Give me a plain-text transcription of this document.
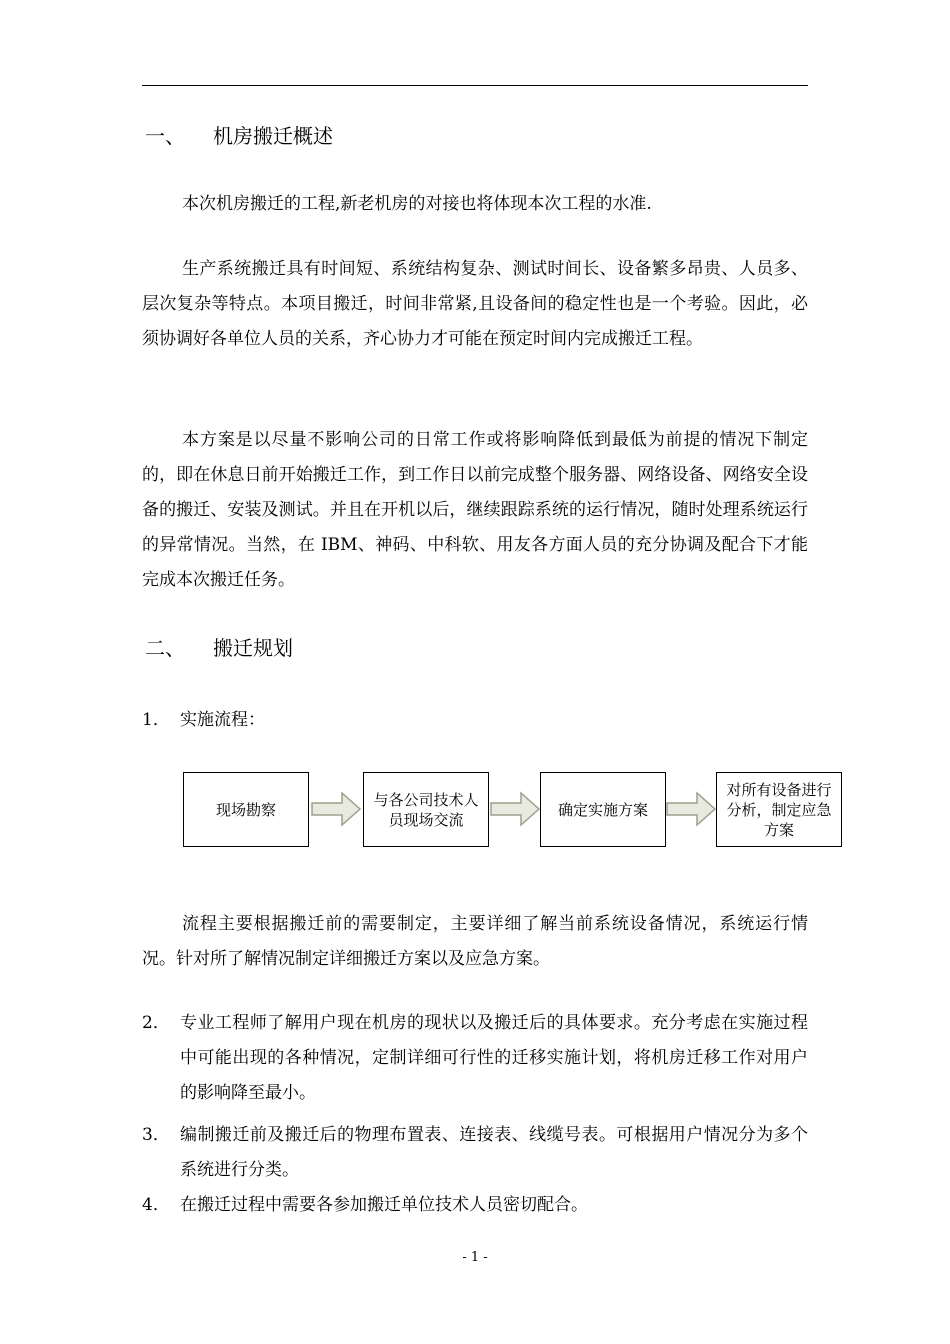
一、 机房搬迁概述

本次机房搬迁的工程,新老机房的对接也将体现本次工程的水准.

生产系统搬迁具有时间短、系统结构复杂、测试时间长、设备繁多昂贵、人员多、层次复杂等特点。本项目搬迁，时间非常紧,且设备间的稳定性也是一个考验。因此，必须协调好各单位人员的关系，齐心协力才可能在预定时间内完成搬迁工程。

本方案是以尽量不影响公司的日常工作或将影响降低到最低为前提的情况下制定的，即在休息日前开始搬迁工作，到工作日以前完成整个服务器、网络设备、网络安全设备的搬迁、安装及测试。并且在开机以后，继续跟踪系统的运行情况，随时处理系统运行的异常情况。当然，在 IBM、神码、中科软、用友各方面人员的充分协调及配合下才能完成本次搬迁任务。

二、 搬迁规划
1． 实施流程：
现场勘察
与各公司技术人员现场交流
确定实施方案
对所有设备进行分析，制定应急方案

流程主要根据搬迁前的需要制定，主要详细了解当前系统设备情况，系统运行情况。针对所了解情况制定详细搬迁方案以及应急方案。

2． 专业工程师了解用户现在机房的现状以及搬迁后的具体要求。充分考虑在实施过程中可能出现的各种情况，定制详细可行性的迁移实施计划，将机房迁移工作对用户的影响降至最小。
3． 编制搬迁前及搬迁后的物理布置表、连接表、线缆号表。可根据用户情况分为多个系统进行分类。
4． 在搬迁过程中需要各参加搬迁单位技术人员密切配合。
- 1 -
